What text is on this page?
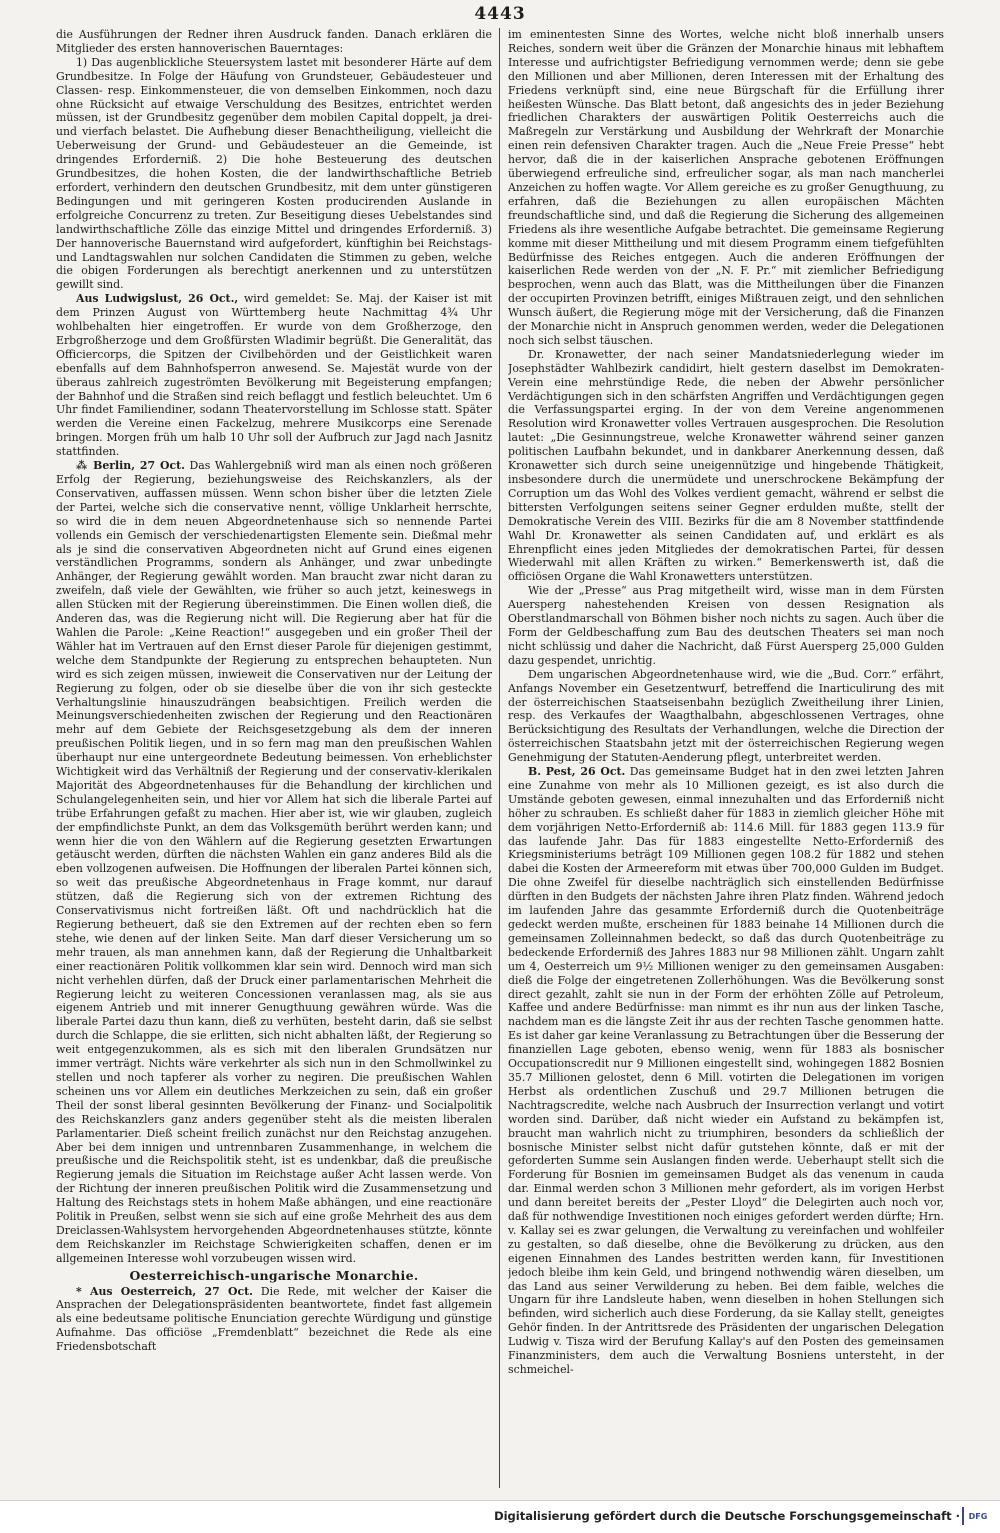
4443

die Ausführungen der Redner ihren Ausdruck fanden. Danach erklären die Mitglieder des ersten hannoverischen Bauerntages:

1) Das augenblickliche Steuersystem lastet mit besonderer Härte auf dem Grundbesitze. In Folge der Häufung von Grundsteuer, Gebäudesteuer und Classen- resp. Einkommensteuer, die von demselben Einkommen, noch dazu ohne Rücksicht auf etwaige Verschuldung des Besitzes, entrichtet werden müssen, ist der Grundbesitz gegenüber dem mobilen Capital doppelt, ja drei- und vierfach belastet. Die Aufhebung dieser Benachtheiligung, vielleicht die Ueberweisung der Grund- und Gebäudesteuer an die Gemeinde, ist dringendes Erforderniß. 2) Die hohe Besteuerung des deutschen Grundbesitzes, die hohen Kosten, die der landwirthschaftliche Betrieb erfordert, verhindern den deutschen Grundbesitz, mit dem unter günstigeren Bedingungen und mit geringeren Kosten producirenden Auslande in erfolgreiche Concurrenz zu treten. Zur Beseitigung dieses Uebelstandes sind landwirthschaftliche Zölle das einzige Mittel und dringendes Erforderniß. 3) Der hannoverische Bauernstand wird aufgefordert, künftighin bei Reichstags- und Landtagswahlen nur solchen Candidaten die Stimmen zu geben, welche die obigen Forderungen als berechtigt anerkennen und zu unterstützen gewillt sind.

Aus Ludwigslust, 26 Oct., wird gemeldet: Se. Maj. der Kaiser ist mit dem Prinzen August von Württemberg heute Nachmittag 4¾ Uhr wohlbehalten hier eingetroffen. Er wurde von dem Großherzoge, den Erbgroßherzoge und dem Großfürsten Wladimir begrüßt. Die Generalität, das Officiercorps, die Spitzen der Civilbehörden und der Geistlichkeit waren ebenfalls auf dem Bahnhofsperron anwesend. Se. Majestät wurde von der überaus zahlreich zugeströmten Bevölkerung mit Begeisterung empfangen; der Bahnhof und die Straßen sind reich beflaggt und festlich beleuchtet. Um 6 Uhr findet Familiendiner, sodann Theatervorstellung im Schlosse statt. Später werden die Vereine einen Fackelzug, mehrere Musikcorps eine Serenade bringen. Morgen früh um halb 10 Uhr soll der Aufbruch zur Jagd nach Jasnitz stattfinden.

⁂ Berlin, 27 Oct. Das Wahlergebniß wird man als einen noch größeren Erfolg der Regierung, beziehungsweise des Reichskanzlers, als der Conservativen, auffassen müssen. Wenn schon bisher über die letzten Ziele der Partei, welche sich die conservative nennt, völlige Unklarheit herrschte, so wird die in dem neuen Abgeordnetenhause sich so nennende Partei vollends ein Gemisch der verschiedenartigsten Elemente sein. Dießmal mehr als je sind die conservativen Abgeordneten nicht auf Grund eines eigenen verständlichen Programms, sondern als Anhänger, und zwar unbedingte Anhänger, der Regierung gewählt worden. Man braucht zwar nicht daran zu zweifeln, daß viele der Gewählten, wie früher so auch jetzt, keineswegs in allen Stücken mit der Regierung übereinstimmen. Die Einen wollen dieß, die Anderen das, was die Regierung nicht will. Die Regierung aber hat für die Wahlen die Parole: „Keine Reaction!“ ausgegeben und ein großer Theil der Wähler hat im Vertrauen auf den Ernst dieser Parole für diejenigen gestimmt, welche dem Standpunkte der Regierung zu entsprechen behaupteten. Nun wird es sich zeigen müssen, inwieweit die Conservativen nur der Leitung der Regierung zu folgen, oder ob sie dieselbe über die von ihr sich gesteckte Verhaltungslinie hinauszudrängen beabsichtigen. Freilich werden die Meinungsverschiedenheiten zwischen der Regierung und den Reactionären mehr auf dem Gebiete der Reichsgesetzgebung als dem der inneren preußischen Politik liegen, und in so fern mag man den preußischen Wahlen überhaupt nur eine untergeordnete Bedeutung beimessen. Von erheblichster Wichtigkeit wird das Verhältniß der Regierung und der conservativ-klerikalen Majorität des Abgeordnetenhauses für die Behandlung der kirchlichen und Schulangelegenheiten sein, und hier vor Allem hat sich die liberale Partei auf trübe Erfahrungen gefaßt zu machen. Hier aber ist, wie wir glauben, zugleich der empfindlichste Punkt, an dem das Volksgemüth berührt werden kann; und wenn hier die von den Wählern auf die Regierung gesetzten Erwartungen getäuscht werden, dürften die nächsten Wahlen ein ganz anderes Bild als die eben vollzogenen aufweisen. Die Hoffnungen der liberalen Partei können sich, so weit das preußische Abgeordnetenhaus in Frage kommt, nur darauf stützen, daß die Regierung sich von der extremen Richtung des Conservativismus nicht fortreißen läßt. Oft und nachdrücklich hat die Regierung betheuert, daß sie den Extremen auf der rechten eben so fern stehe, wie denen auf der linken Seite. Man darf dieser Versicherung um so mehr trauen, als man annehmen kann, daß der Regierung die Unhaltbarkeit einer reactionären Politik vollkommen klar sein wird. Dennoch wird man sich nicht verhehlen dürfen, daß der Druck einer parlamentarischen Mehrheit die Regierung leicht zu weiteren Concessionen veranlassen mag, als sie aus eigenem Antrieb und mit innerer Genugthuung gewähren würde. Was die liberale Partei dazu thun kann, dieß zu verhüten, besteht darin, daß sie selbst durch die Schlappe, die sie erlitten, sich nicht abhalten läßt, der Regierung so weit entgegenzukommen, als es sich mit den liberalen Grundsätzen nur immer verträgt. Nichts wäre verkehrter als sich nun in den Schmollwinkel zu stellen und noch tapferer als vorher zu negiren. Die preußischen Wahlen scheinen uns vor Allem ein deutliches Merkzeichen zu sein, daß ein großer Theil der sonst liberal gesinnten Bevölkerung der Finanz- und Socialpolitik des Reichskanzlers ganz anders gegenüber steht als die meisten liberalen Parlamentarier. Dieß scheint freilich zunächst nur den Reichstag anzugehen. Aber bei dem innigen und untrennbaren Zusammenhange, in welchem die preußische und die Reichspolitik steht, ist es undenkbar, daß die preußische Regierung jemals die Situation im Reichstage außer Acht lassen werde. Von der Richtung der inneren preußischen Politik wird die Zusammensetzung und Haltung des Reichstags stets in hohem Maße abhängen, und eine reactionäre Politik in Preußen, selbst wenn sie sich auf eine große Mehrheit des aus dem Dreiclassen-Wahlsystem hervorgehenden Abgeordnetenhauses stützte, könnte dem Reichskanzler im Reichstage Schwierigkeiten schaffen, denen er im allgemeinen Interesse wohl vorzubeugen wissen wird.

Oesterreichisch-ungarische Monarchie.

* Aus Oesterreich, 27 Oct. Die Rede, mit welcher der Kaiser die Ansprachen der Delegationspräsidenten beantwortete, findet fast allgemein als eine bedeutsame politische Enunciation gerechte Würdigung und günstige Aufnahme. Das officiöse „Fremdenblatt“ bezeichnet die Rede als eine Friedensbotschaft

im eminentesten Sinne des Wortes, welche nicht bloß innerhalb unsers Reiches, sondern weit über die Gränzen der Monarchie hinaus mit lebhaftem Interesse und aufrichtigster Befriedigung vernommen werde; denn sie gebe den Millionen und aber Millionen, deren Interessen mit der Erhaltung des Friedens verknüpft sind, eine neue Bürgschaft für die Erfüllung ihrer heißesten Wünsche. Das Blatt betont, daß angesichts des in jeder Beziehung friedlichen Charakters der auswärtigen Politik Oesterreichs auch die Maßregeln zur Verstärkung und Ausbildung der Wehrkraft der Monarchie einen rein defensiven Charakter tragen. Auch die „Neue Freie Presse“ hebt hervor, daß die in der kaiserlichen Ansprache gebotenen Eröffnungen überwiegend erfreuliche sind, erfreulicher sogar, als man nach mancherlei Anzeichen zu hoffen wagte. Vor Allem gereiche es zu großer Genugthuung, zu erfahren, daß die Beziehungen zu allen europäischen Mächten freundschaftliche sind, und daß die Regierung die Sicherung des allgemeinen Friedens als ihre wesentliche Aufgabe betrachtet. Die gemeinsame Regierung komme mit dieser Mittheilung und mit diesem Programm einem tiefgefühlten Bedürfnisse des Reiches entgegen. Auch die anderen Eröffnungen der kaiserlichen Rede werden von der „N. F. Pr.“ mit ziemlicher Befriedigung besprochen, wenn auch das Blatt, was die Mittheilungen über die Finanzen der occupirten Provinzen betrifft, einiges Mißtrauen zeigt, und den sehnlichen Wunsch äußert, die Regierung möge mit der Versicherung, daß die Finanzen der Monarchie nicht in Anspruch genommen werden, weder die Delegationen noch sich selbst täuschen.

Dr. Kronawetter, der nach seiner Mandatsniederlegung wieder im Josephstädter Wahlbezirk candidirt, hielt gestern daselbst im Demokraten-Verein eine mehrstündige Rede, die neben der Abwehr persönlicher Verdächtigungen sich in den schärfsten Angriffen und Verdächtigungen gegen die Verfassungspartei erging. In der von dem Vereine angenommenen Resolution wird Kronawetter volles Vertrauen ausgesprochen. Die Resolution lautet: „Die Gesinnungstreue, welche Kronawetter während seiner ganzen politischen Laufbahn bekundet, und in dankbarer Anerkennung dessen, daß Kronawetter sich durch seine uneigennützige und hingebende Thätigkeit, insbesondere durch die unermüdete und unerschrockene Bekämpfung der Corruption um das Wohl des Volkes verdient gemacht, während er selbst die bittersten Verfolgungen seitens seiner Gegner erdulden mußte, stellt der Demokratische Verein des VIII. Bezirks für die am 8 November stattfindende Wahl Dr. Kronawetter als seinen Candidaten auf, und erklärt es als Ehrenpflicht eines jeden Mitgliedes der demokratischen Partei, für dessen Wiederwahl mit allen Kräften zu wirken.“ Bemerkenswerth ist, daß die officiösen Organe die Wahl Kronawetters unterstützen.

Wie der „Presse“ aus Prag mitgetheilt wird, wisse man in dem Fürsten Auersperg nahestehenden Kreisen von dessen Resignation als Oberstlandmarschall von Böhmen bisher noch nichts zu sagen. Auch über die Form der Geldbeschaffung zum Bau des deutschen Theaters sei man noch nicht schlüssig und daher die Nachricht, daß Fürst Auersperg 25,000 Gulden dazu gespendet, unrichtig.

Dem ungarischen Abgeordnetenhause wird, wie die „Bud. Corr.“ erfährt, Anfangs November ein Gesetzentwurf, betreffend die Inarticulirung des mit der österreichischen Staatseisenbahn bezüglich Zweitheilung ihrer Linien, resp. des Verkaufes der Waagthalbahn, abgeschlossenen Vertrages, ohne Berücksichtigung des Resultats der Verhandlungen, welche die Direction der österreichischen Staatsbahn jetzt mit der österreichischen Regierung wegen Genehmigung der Statuten-Aenderung pflegt, unterbreitet werden.

B. Pest, 26 Oct. Das gemeinsame Budget hat in den zwei letzten Jahren eine Zunahme von mehr als 10 Millionen gezeigt, es ist also durch die Umstände geboten gewesen, einmal innezuhalten und das Erforderniß nicht höher zu schrauben. Es schließt daher für 1883 in ziemlich gleicher Höhe mit dem vorjährigen Netto-Erforderniß ab: 114.6 Mill. für 1883 gegen 113.9 für das laufende Jahr. Das für 1883 eingestellte Netto-Erforderniß des Kriegsministeriums beträgt 109 Millionen gegen 108.2 für 1882 und stehen dabei die Kosten der Armeereform mit etwas über 700,000 Gulden im Budget. Die ohne Zweifel für dieselbe nachträglich sich einstellenden Bedürfnisse dürften in den Budgets der nächsten Jahre ihren Platz finden. Während jedoch im laufenden Jahre das gesammte Erforderniß durch die Quotenbeiträge gedeckt werden mußte, erscheinen für 1883 beinahe 14 Millionen durch die gemeinsamen Zolleinnahmen bedeckt, so daß das durch Quotenbeiträge zu bedeckende Erforderniß des Jahres 1883 nur 98 Millionen zählt. Ungarn zahlt um 4, Oesterreich um 9½ Millionen weniger zu den gemeinsamen Ausgaben: dieß die Folge der eingetretenen Zollerhöhungen. Was die Bevölkerung sonst direct gezahlt, zahlt sie nun in der Form der erhöhten Zölle auf Petroleum, Kaffee und andere Bedürfnisse: man nimmt es ihr nun aus der linken Tasche, nachdem man es die längste Zeit ihr aus der rechten Tasche genommen hatte. Es ist daher gar keine Veranlassung zu Betrachtungen über die Besserung der finanziellen Lage geboten, ebenso wenig, wenn für 1883 als bosnischer Occupationscredit nur 9 Millionen eingestellt sind, wohingegen 1882 Bosnien 35.7 Millionen gelostet, denn 6 Mill. votirten die Delegationen im vorigen Herbst als ordentlichen Zuschuß und 29.7 Millionen betrugen die Nachtragscredite, welche nach Ausbruch der Insurrection verlangt und votirt worden sind. Darüber, daß nicht wieder ein Aufstand zu bekämpfen ist, braucht man wahrlich nicht zu triumphiren, besonders da schließlich der bosnische Minister selbst nicht dafür gutstehen könnte, daß er mit der geforderten Summe sein Auslangen finden werde. Ueberhaupt stellt sich die Forderung für Bosnien im gemeinsamen Budget als das venenum in cauda dar. Einmal werden schon 3 Millionen mehr gefordert, als im vorigen Herbst und dann bereitet bereits der „Pester Lloyd“ die Delegirten auch noch vor, daß für nothwendige Investitionen noch einiges gefordert werden dürfte; Hrn. v. Kallay sei es zwar gelungen, die Verwaltung zu vereinfachen und wohlfeiler zu gestalten, so daß dieselbe, ohne die Bevölkerung zu drücken, aus den eigenen Einnahmen des Landes bestritten werden kann, für Investitionen jedoch bleibe ihm kein Geld, und bringend nothwendig wären dieselben, um das Land aus seiner Verwilderung zu heben. Bei dem faible, welches die Ungarn für ihre Landsleute haben, wenn dieselben in hohen Stellungen sich befinden, wird sicherlich auch diese Forderung, da sie Kallay stellt, geneigtes Gehör finden. In der Antrittsrede des Präsidenten der ungarischen Delegation Ludwig v. Tisza wird der Berufung Kallay's auf den Posten des gemeinsamen Finanzministers, dem auch die Verwaltung Bosniens untersteht, in der schmeichel-

Digitalisierung gefördert durch die Deutsche Forschungsgemeinschaft ·	DFG
